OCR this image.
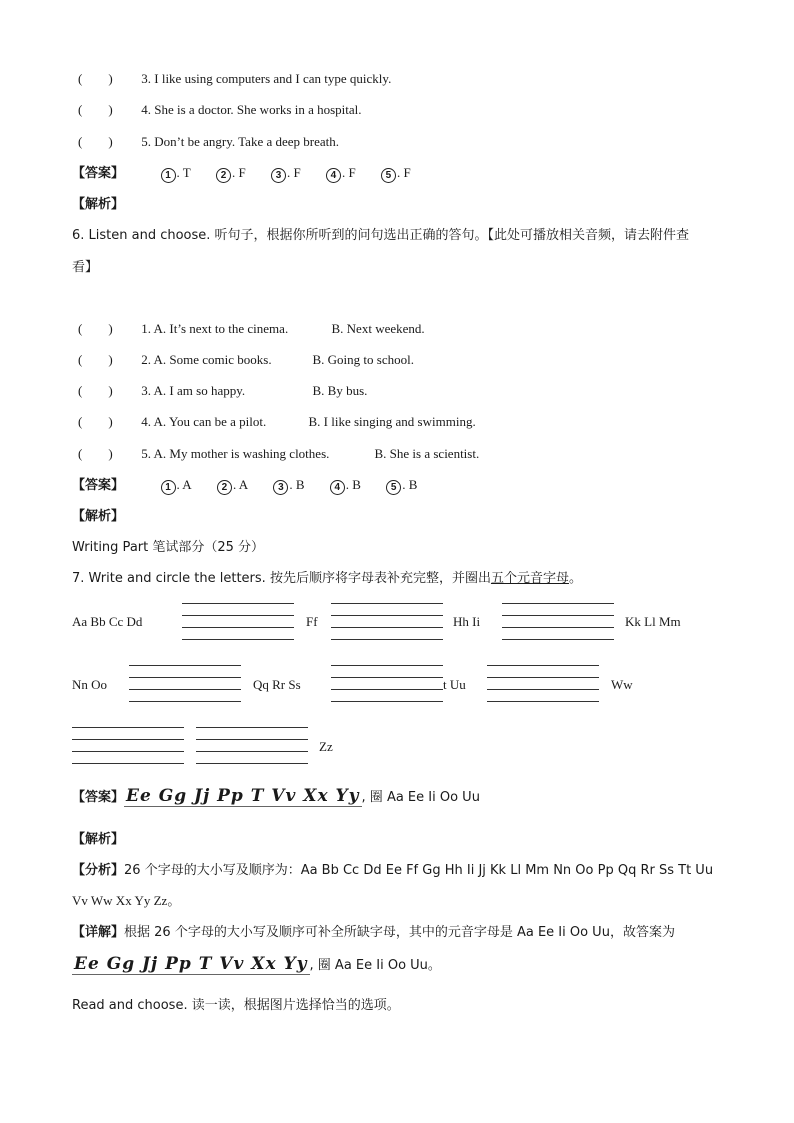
(　　) 3. I like using computers and I can type quickly.
(　　) 4. She is a doctor. She works in a hospital.
(　　) 5. Don’t be angry. Take a deep breath.
【答案】	1 . T	2 . F	3 . F	4 . F	5 . F
【解析】
6. Listen and choose. 听句子，根据你所听到的问句选出正确的答句。【此处可播放相关音频，请去附件查
看】
(　　) 1. A. It’s next to the cinema.	B. Next weekend.
(　　) 2. A. Some comic books.	B. Going to school.
(　　) 3. A. I am so happy.	B. By bus.
(　　) 4. A. You can be a pilot.	B. I like singing and swimming.
(　　) 5. A. My mother is washing clothes.	B. She is a scientist.
【答案】	1 . A	2 . A	3 . B	4 . B	5 . B
【解析】
Writing Part 笔试部分（25 分）
7. Write and circle the letters. 按先后顺序将字母表补充完整，并圈出五个元音字母。
Aa Bb Cc Dd	Ff	Hh Ii	Kk Ll Mm
Nn Oo	Qq Rr Ss	t Uu	Ww
Zz
【答案】 Ee Gg Jj Pp T Vv Xx Yy , 圈 Aa Ee Ii Oo Uu
【解析】
【分析】26 个字母的大小写及顺序为：Aa Bb Cc Dd Ee Ff Gg Hh Ii Jj Kk Ll Mm Nn Oo Pp Qq Rr Ss Tt Uu
Vv Ww Xx Yy Zz。
【详解】根据 26 个字母的大小写及顺序可补全所缺字母，其中的元音字母是 Aa Ee Ii Oo Uu，故答案为
Ee Gg Jj Pp T Vv Xx Yy , 圈 Aa Ee Ii Oo Uu。
Read and choose. 读一读，根据图片选择恰当的选项。
